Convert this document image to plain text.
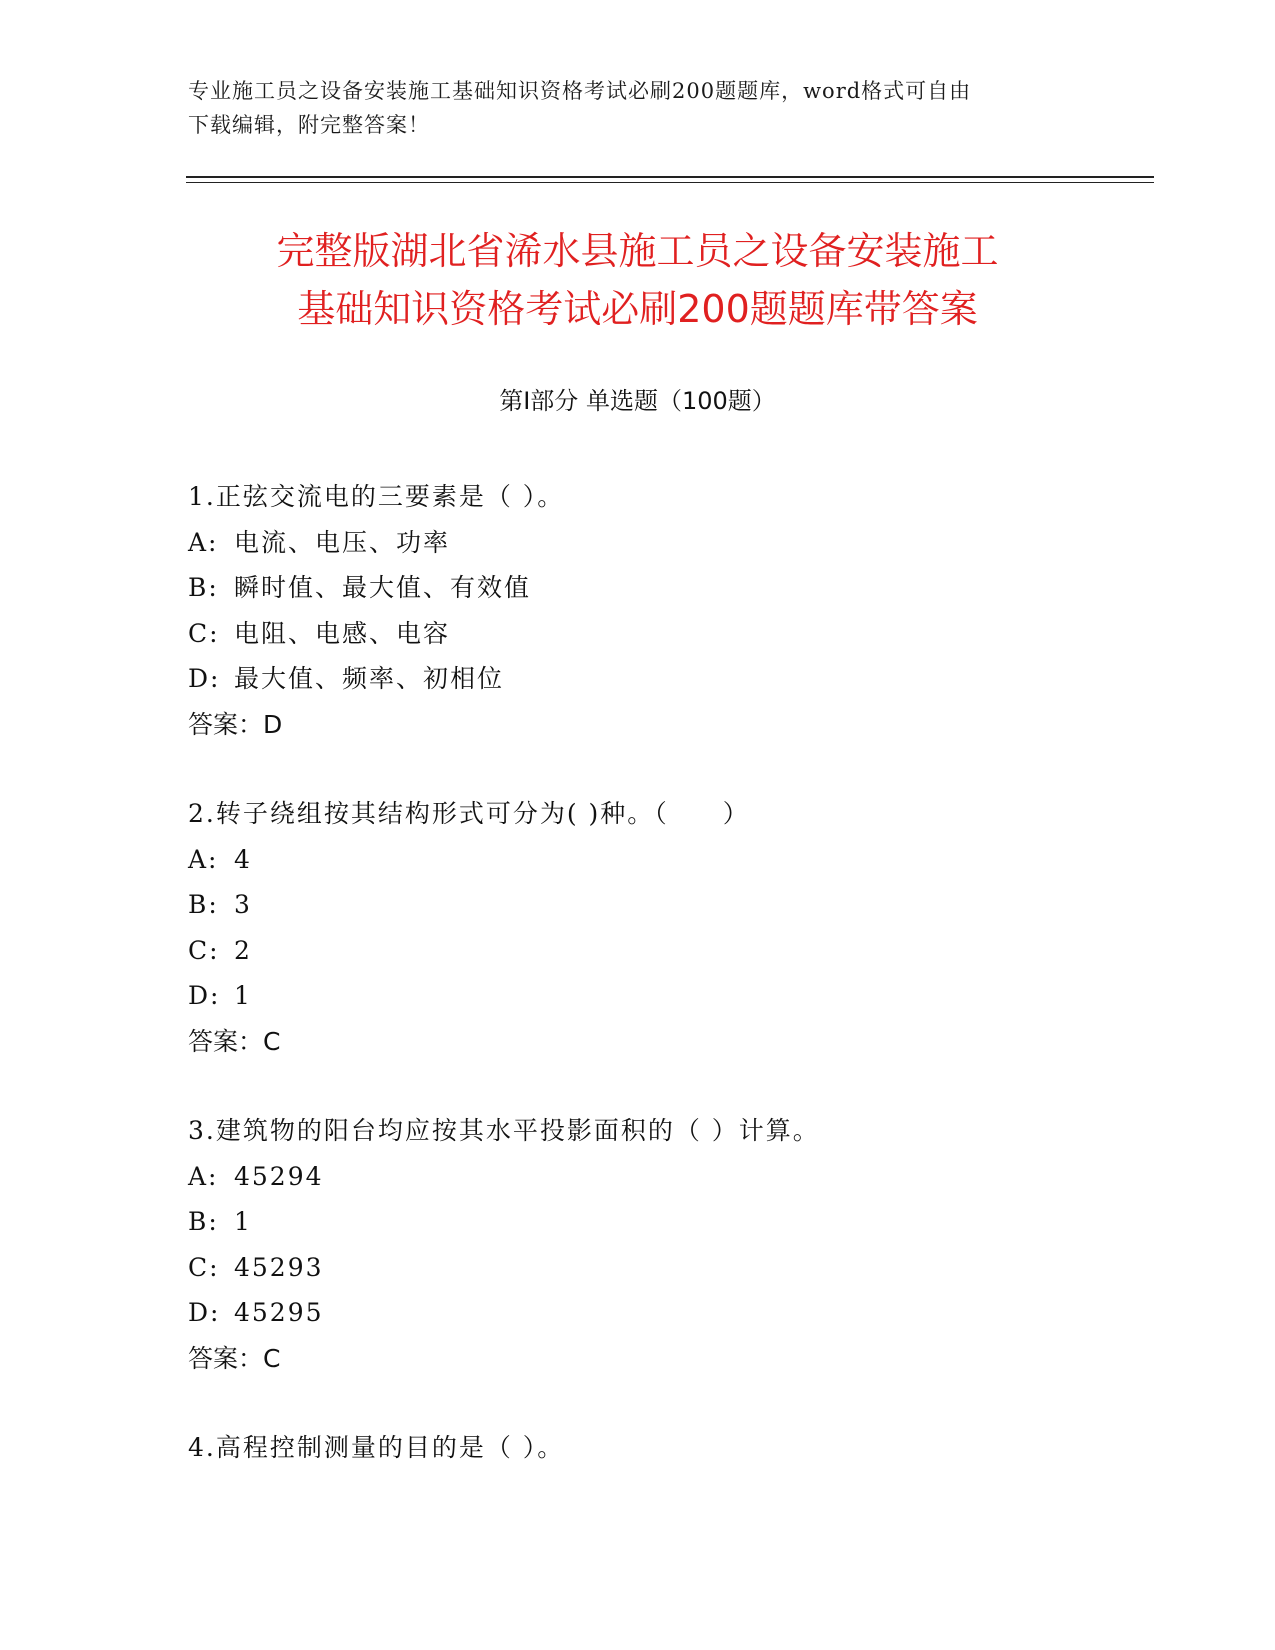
专业施工员之设备安装施工基础知识资格考试必刷200题题库，word格式可自由
下载编辑，附完整答案！
完整版湖北省浠水县施工员之设备安装施工
基础知识资格考试必刷200题题库带答案
第Ⅰ部分 单选题（100题）
1.正弦交流电的三要素是（ ）。
A: 电流、电压、功率
B: 瞬时值、最大值、有效值
C: 电阻、电感、电容
D: 最大值、频率、初相位
答案：D
2.转子绕组按其结构形式可分为( )种。（　　）
A: 4
B: 3
C: 2
D: 1
答案：C
3.建筑物的阳台均应按其水平投影面积的（ ）计算。
A: 45294
B: 1
C: 45293
D: 45295
答案：C
4.高程控制测量的目的是（ ）。
